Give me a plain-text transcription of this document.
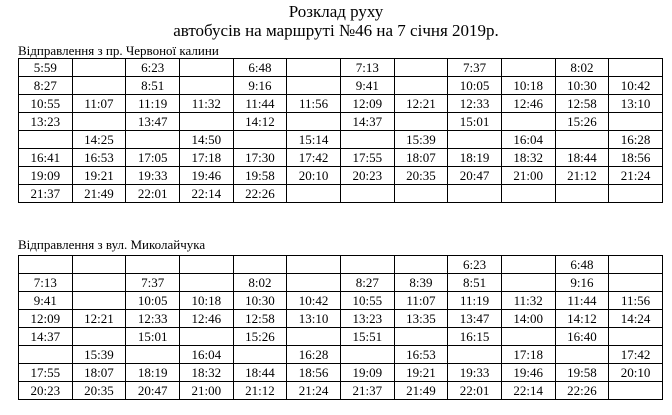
Розклад руху
автобусів на маршруті №46 на 7 січня 2019р.
Відправлення з пр. Червоної калини
5:59		6:23		6:48		7:13		7:37		8:02	
8:27		8:51		9:16		9:41		10:05	10:18	10:30	10:42
10:55	11:07	11:19	11:32	11:44	11:56	12:09	12:21	12:33	12:46	12:58	13:10
13:23		13:47		14:12		14:37		15:01		15:26	
	14:25		14:50		15:14		15:39		16:04		16:28
16:41	16:53	17:05	17:18	17:30	17:42	17:55	18:07	18:19	18:32	18:44	18:56
19:09	19:21	19:33	19:46	19:58	20:10	20:23	20:35	20:47	21:00	21:12	21:24
21:37	21:49	22:01	22:14	22:26							
Відправлення з вул. Миколайчука
								6:23		6:48	
7:13		7:37		8:02		8:27	8:39	8:51		9:16	
9:41		10:05	10:18	10:30	10:42	10:55	11:07	11:19	11:32	11:44	11:56
12:09	12:21	12:33	12:46	12:58	13:10	13:23	13:35	13:47	14:00	14:12	14:24
14:37		15:01		15:26		15:51		16:15		16:40	
	15:39		16:04		16:28		16:53		17:18		17:42
17:55	18:07	18:19	18:32	18:44	18:56	19:09	19:21	19:33	19:46	19:58	20:10
20:23	20:35	20:47	21:00	21:12	21:24	21:37	21:49	22:01	22:14	22:26	
